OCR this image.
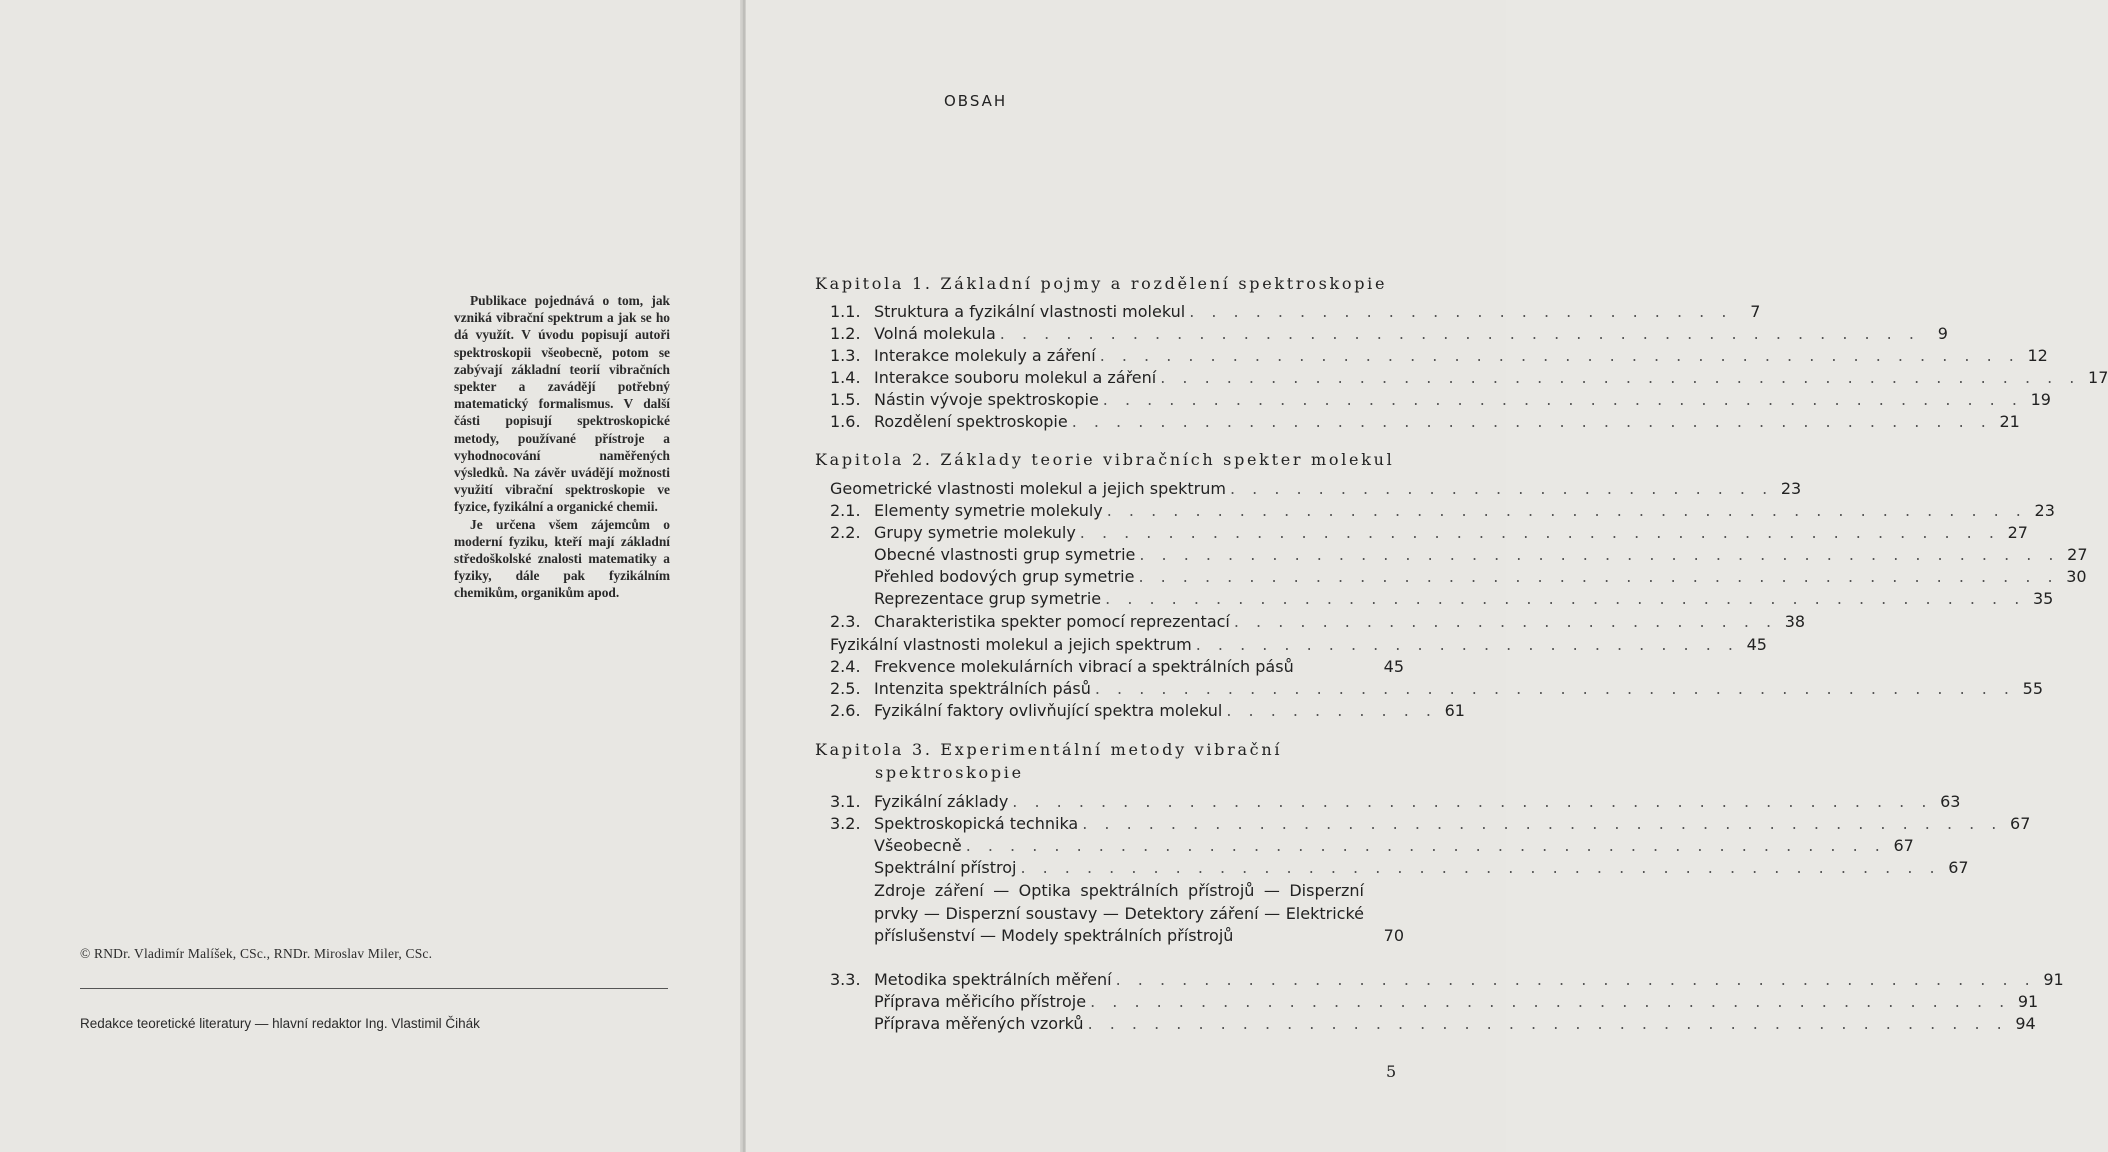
Publikace pojednává o tom, jak vzniká vibrační spektrum a jak se ho dá využít. V úvodu popisují autoři spektroskopii všeobecně, potom se zabývají základní teorií vibračních spekter a zavádějí potřebný matematický formalismus. V další části popisují spektroskopické metody, používané přístroje a vyhodnocování naměřených výsledků. Na závěr uvádějí možnosti využití vibrační spektroskopie ve fyzice, fyzikální a organické chemii.

Je určena všem zájemcům o moderní fyziku, kteří mají základní středoškolské znalosti matematiky a fyziky, dále pak fyzikálním chemikům, organikům apod.

© RNDr. Vladimír Malíšek, CSc., RNDr. Miroslav Miler, CSc.
Redakce teoretické literatury — hlavní redaktor Ing. Vlastimil Čihák
OBSAH
Kapitola 1. Základní pojmy a rozdělení spektroskopie
1.1. Struktura a fyzikální vlastnosti molekul . . . . . . . . . . . . . . . . . . . . . . . . .	7
1.2. Volná molekula . . . . . . . . . . . . . . . . . . . . . . . . . . . . . . . . . . . . . . . . . .	9
1.3. Interakce molekuly a záření . . . . . . . . . . . . . . . . . . . . . . . . . . . . . . . . . . . . . . . . . . 12
1.4. Interakce souboru molekul a záření . . . . . . . . . . . . . . . . . . . . . . . . . . . . . . . . . . . . . . . . . . 17
1.5. Nástin vývoje spektroskopie . . . . . . . . . . . . . . . . . . . . . . . . . . . . . . . . . . . . . . . . . . 19
1.6. Rozdělení spektroskopie . . . . . . . . . . . . . . . . . . . . . . . . . . . . . . . . . . . . . . . . . . 21
Kapitola 2. Základy teorie vibračních spekter molekul
Geometrické vlastnosti molekul a jejich spektrum . . . . . . . . . . . . . . . . . . . . . . . . . 23
2.1. Elementy symetrie molekuly . . . . . . . . . . . . . . . . . . . . . . . . . . . . . . . . . . . . . . . . . . 23
2.2. Grupy symetrie molekuly . . . . . . . . . . . . . . . . . . . . . . . . . . . . . . . . . . . . . . . . . . 27
Obecné vlastnosti grup symetrie . . . . . . . . . . . . . . . . . . . . . . . . . . . . . . . . . . . . . . . . . . 27
Přehled bodových grup symetrie . . . . . . . . . . . . . . . . . . . . . . . . . . . . . . . . . . . . . . . . . . 30
Reprezentace grup symetrie . . . . . . . . . . . . . . . . . . . . . . . . . . . . . . . . . . . . . . . . . . 35
2.3. Charakteristika spekter pomocí reprezentací . . . . . . . . . . . . . . . . . . . . . . . . . 38
Fyzikální vlastnosti molekul a jejich spektrum . . . . . . . . . . . . . . . . . . . . . . . . . 45
2.4. Frekvence molekulárních vibrací a spektrálních pásů	45
2.5. Intenzita spektrálních pásů . . . . . . . . . . . . . . . . . . . . . . . . . . . . . . . . . . . . . . . . . . 55
2.6. Fyzikální faktory ovlivňující spektra molekul . . . . . . . . . . 61
Kapitola 3. Experimentální metody vibrační
spektroskopie
3.1. Fyzikální základy . . . . . . . . . . . . . . . . . . . . . . . . . . . . . . . . . . . . . . . . . . 63
3.2. Spektroskopická technika . . . . . . . . . . . . . . . . . . . . . . . . . . . . . . . . . . . . . . . . . . 67
Všeobecně . . . . . . . . . . . . . . . . . . . . . . . . . . . . . . . . . . . . . . . . . . 67
Spektrální přístroj . . . . . . . . . . . . . . . . . . . . . . . . . . . . . . . . . . . . . . . . . . 67
Zdroje záření — Optika spektrálních přístrojů — Disperzní prvky — Disperzní soustavy — Detektory záření — Elektrické příslušenství — Modely spektrálních přístrojů	70
3.3. Metodika spektrálních měření . . . . . . . . . . . . . . . . . . . . . . . . . . . . . . . . . . . . . . . . . . 91
Příprava měřicího přístroje . . . . . . . . . . . . . . . . . . . . . . . . . . . . . . . . . . . . . . . . . . 91
Příprava měřených vzorků . . . . . . . . . . . . . . . . . . . . . . . . . . . . . . . . . . . . . . . . . . 94
5
